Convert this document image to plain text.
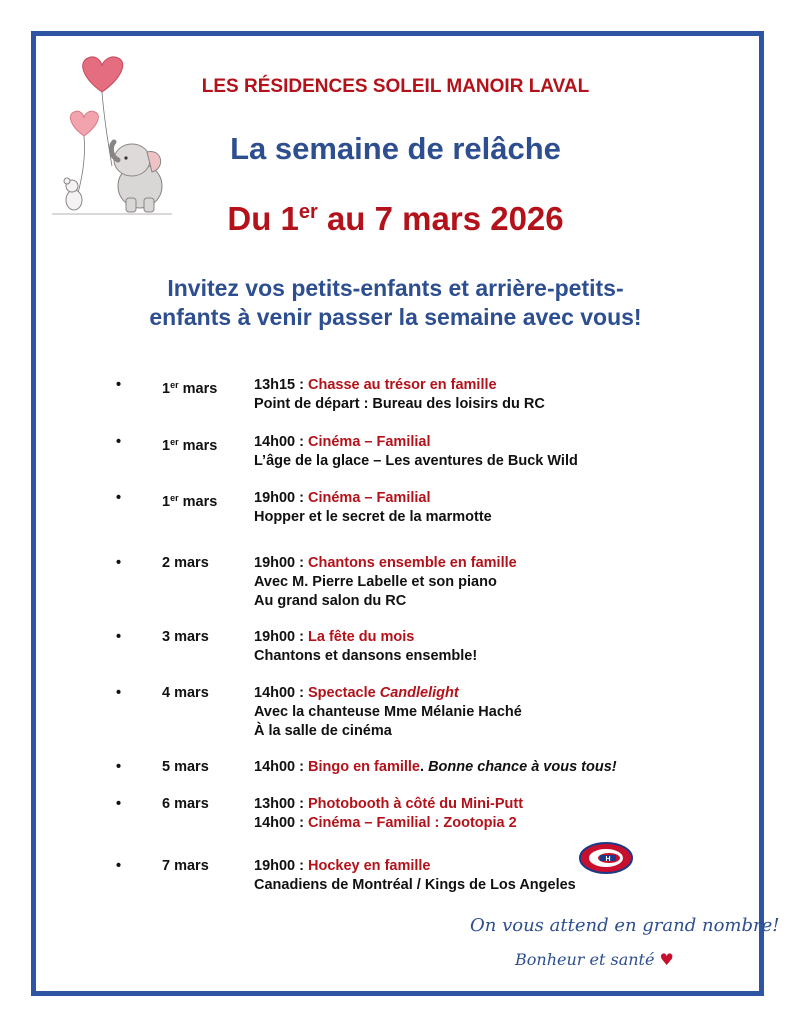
LES RÉSIDENCES SOLEIL MANOIR LAVAL
La semaine de relâche
Du 1er au 7 mars 2026
Invitez vos petits-enfants et arrière-petits-
enfants à venir passer la semaine avec vous!
•	1er mars	13h15 : Chasse au trésor en famille
Point de départ : Bureau des loisirs du RC
•	1er mars	14h00 : Cinéma – Familial
L’âge de la glace – Les aventures de Buck Wild
•	1er mars	19h00 : Cinéma – Familial
Hopper et le secret de la marmotte
•	2 mars	19h00 : Chantons ensemble en famille
Avec M. Pierre Labelle et son piano
Au grand salon du RC
•	3 mars	19h00 : La fête du mois
Chantons et dansons ensemble!
•	4 mars	14h00 : Spectacle Candlelight
Avec la chanteuse Mme Mélanie Haché
À la salle de cinéma
•	5 mars	14h00 : Bingo en famille. Bonne chance à vous tous!
•	6 mars	13h00 : Photobooth à côté du Mini-Putt
14h00 : Cinéma – Familial : Zootopia 2
•	7 mars	19h00 : Hockey en famille
Canadiens de Montréal / Kings de Los Angeles
H
On vous attend en grand nombre!
Bonheur et santé ♥
